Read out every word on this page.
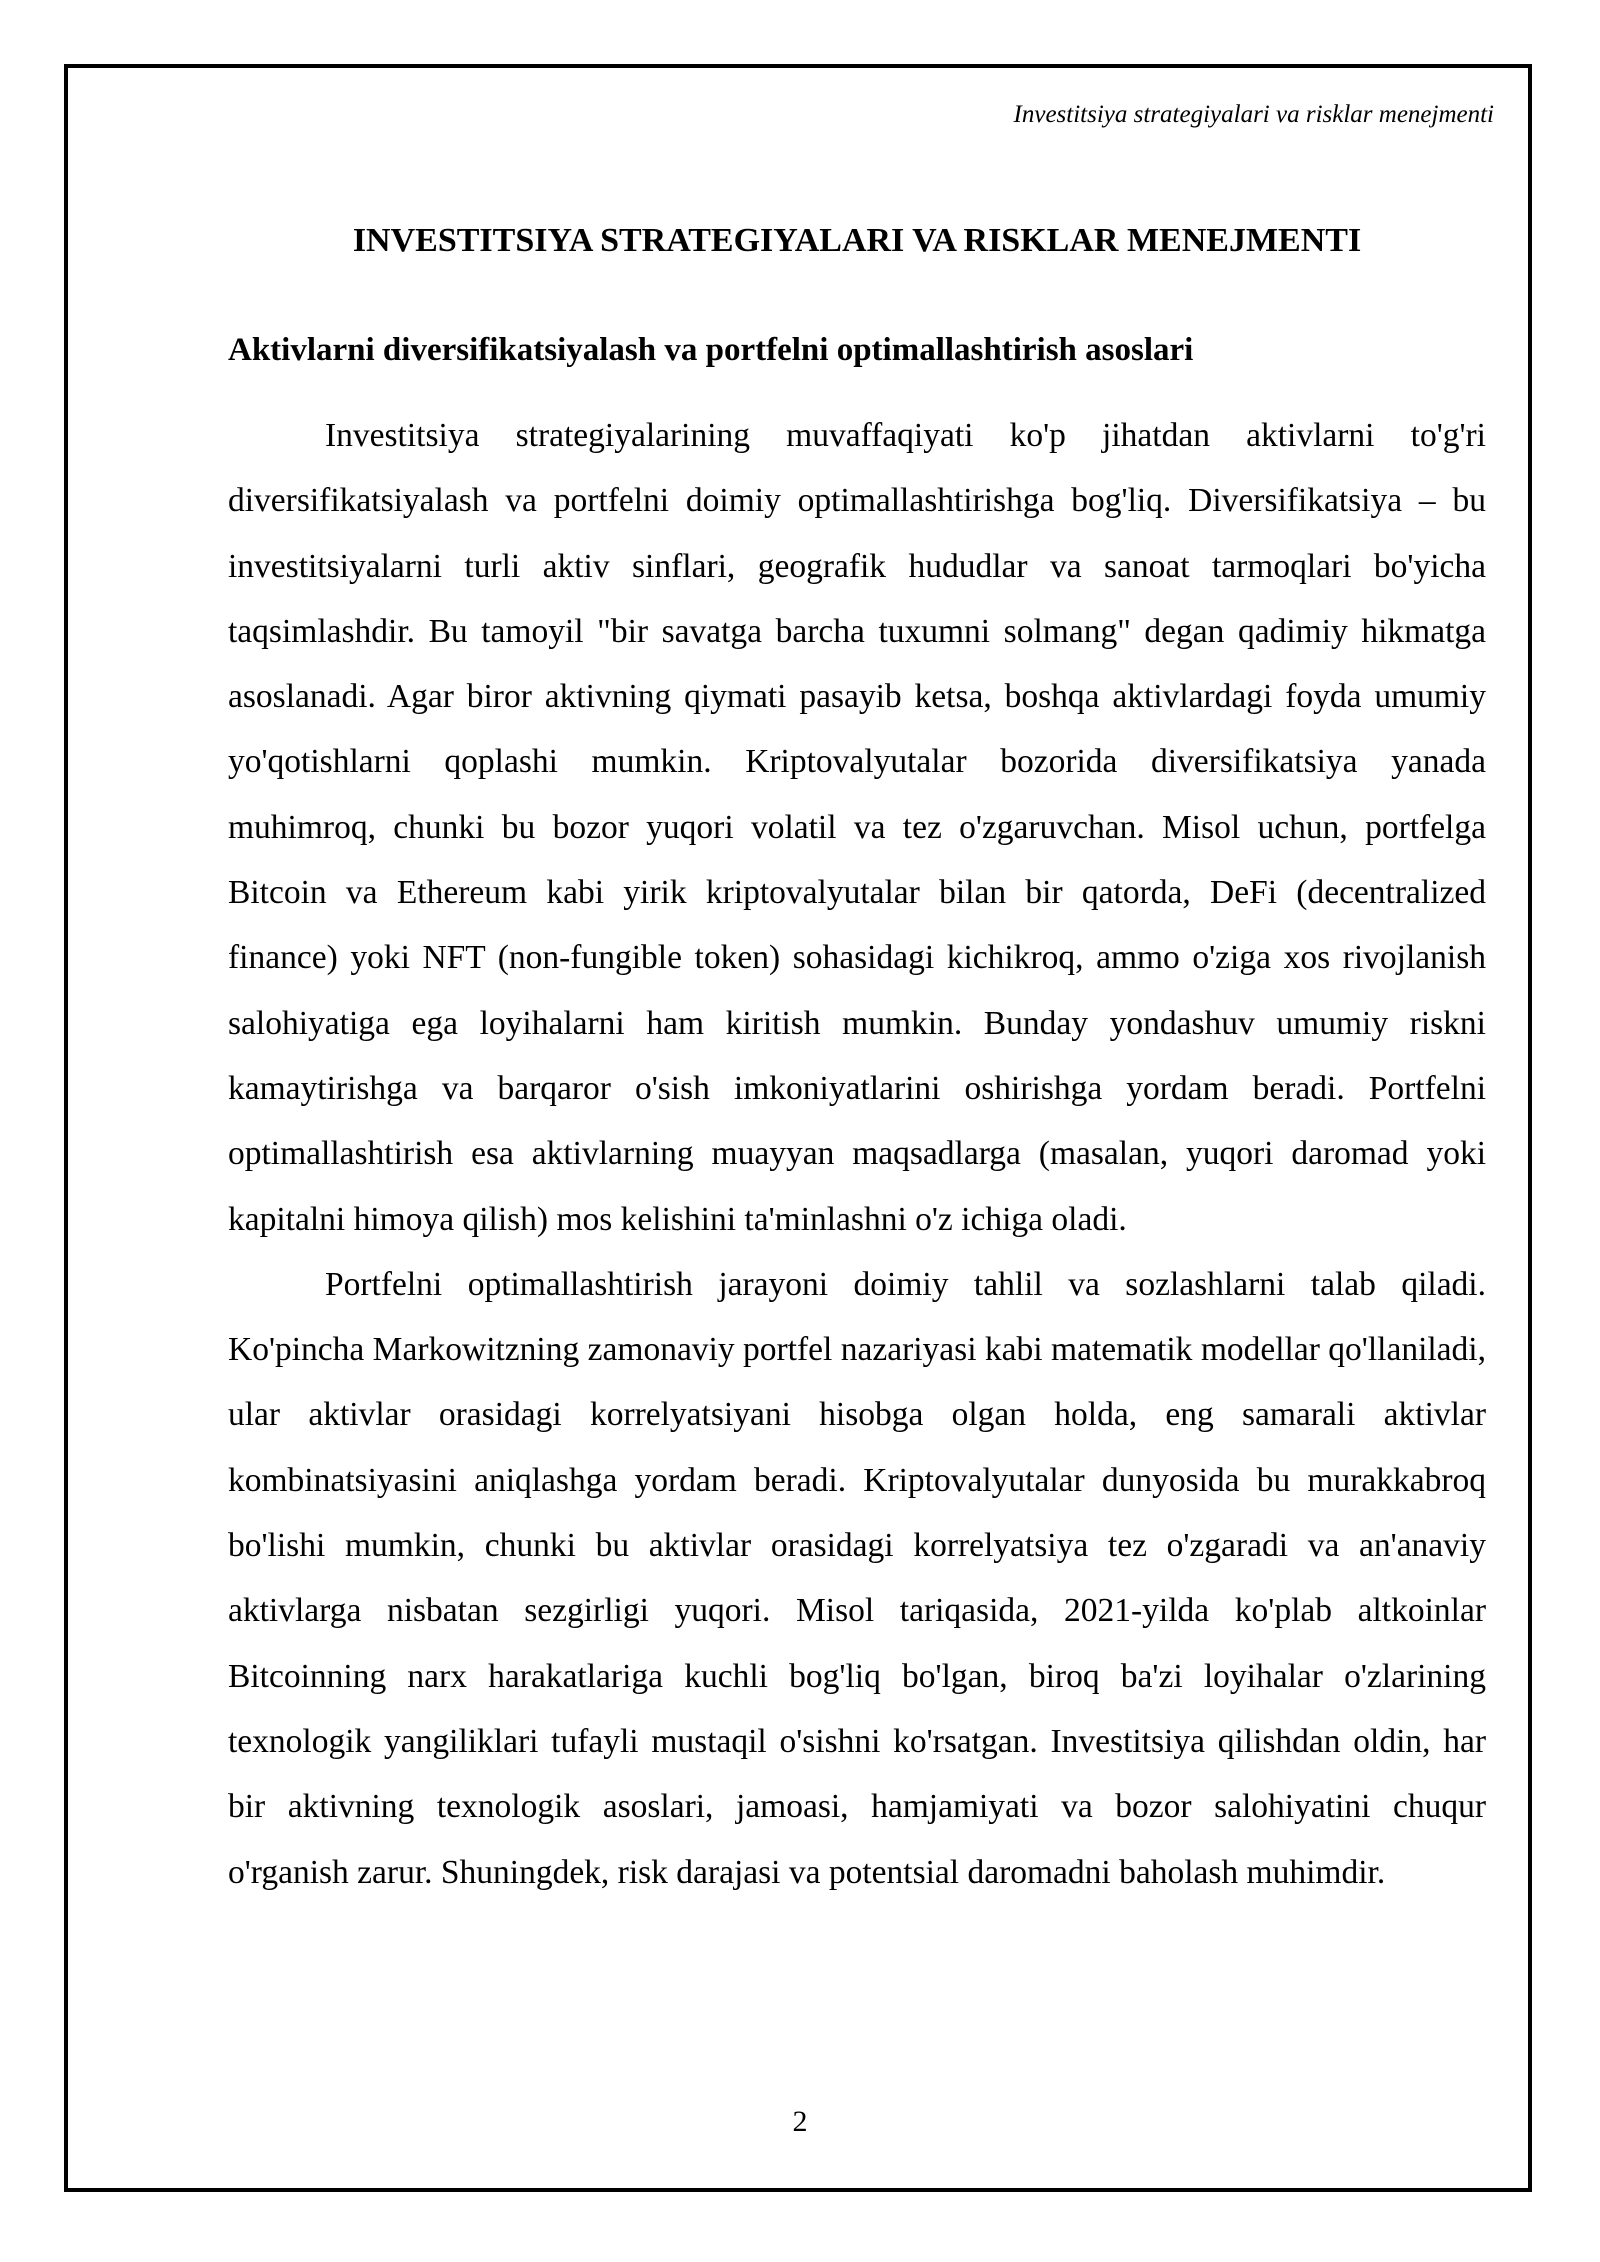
Investitsiya strategiyalari va risklar menejmenti
INVESTITSIYA STRATEGIYALARI VA RISKLAR MENEJMENTI
Aktivlarni diversifikatsiyalash va portfelni optimallashtirish asoslari

Investitsiya strategiyalarining muvaffaqiyati ko'p jihatdan aktivlarni to'g'ri diversifikatsiyalash va portfelni doimiy optimallashtirishga bog'liq. Diversifikatsiya – bu investitsiyalarni turli aktiv sinflari, geografik hududlar va sanoat tarmoqlari bo'yicha taqsimlashdir. Bu tamoyil "bir savatga barcha tuxumni solmang" degan qadimiy hikmatga asoslanadi. Agar biror aktivning qiymati pasayib ketsa, boshqa aktivlardagi foyda umumiy yo'qotishlarni qoplashi mumkin. Kriptovalyutalar bozorida diversifikatsiya yanada muhimroq, chunki bu bozor yuqori volatil va tez o'zgaruvchan. Misol uchun, portfelga Bitcoin va Ethereum kabi yirik kriptovalyutalar bilan bir qatorda, DeFi (decentralized finance) yoki NFT (non-fungible token) sohasidagi kichikroq, ammo o'ziga xos rivojlanish salohiyatiga ega loyihalarni ham kiritish mumkin. Bunday yondashuv umumiy riskni kamaytirishga va barqaror o'sish imkoniyatlarini oshirishga yordam beradi. Portfelni optimallashtirish esa aktivlarning muayyan maqsadlarga (masalan, yuqori daromad yoki kapitalni himoya qilish) mos kelishini ta'minlashni o'z ichiga oladi.

Portfelni optimallashtirish jarayoni doimiy tahlil va sozlashlarni talab qiladi. Ko'pincha Markowitzning zamonaviy portfel nazariyasi kabi matematik modellar qo'llaniladi, ular aktivlar orasidagi korrelyatsiyani hisobga olgan holda, eng samarali aktivlar kombinatsiyasini aniqlashga yordam beradi. Kriptovalyutalar dunyosida bu murakkabroq bo'lishi mumkin, chunki bu aktivlar orasidagi korrelyatsiya tez o'zgaradi va an'anaviy aktivlarga nisbatan sezgirligi yuqori. Misol tariqasida, 2021-yilda ko'plab altkoinlar Bitcoinning narx harakatlariga kuchli bog'liq bo'lgan, biroq ba'zi loyihalar o'zlarining texnologik yangiliklari tufayli mustaqil o'sishni ko'rsatgan. Investitsiya qilishdan oldin, har bir aktivning texnologik asoslari, jamoasi, hamjamiyati va bozor salohiyatini chuqur o'rganish zarur. Shuningdek, risk darajasi va potentsial daromadni baholash muhimdir.

2
